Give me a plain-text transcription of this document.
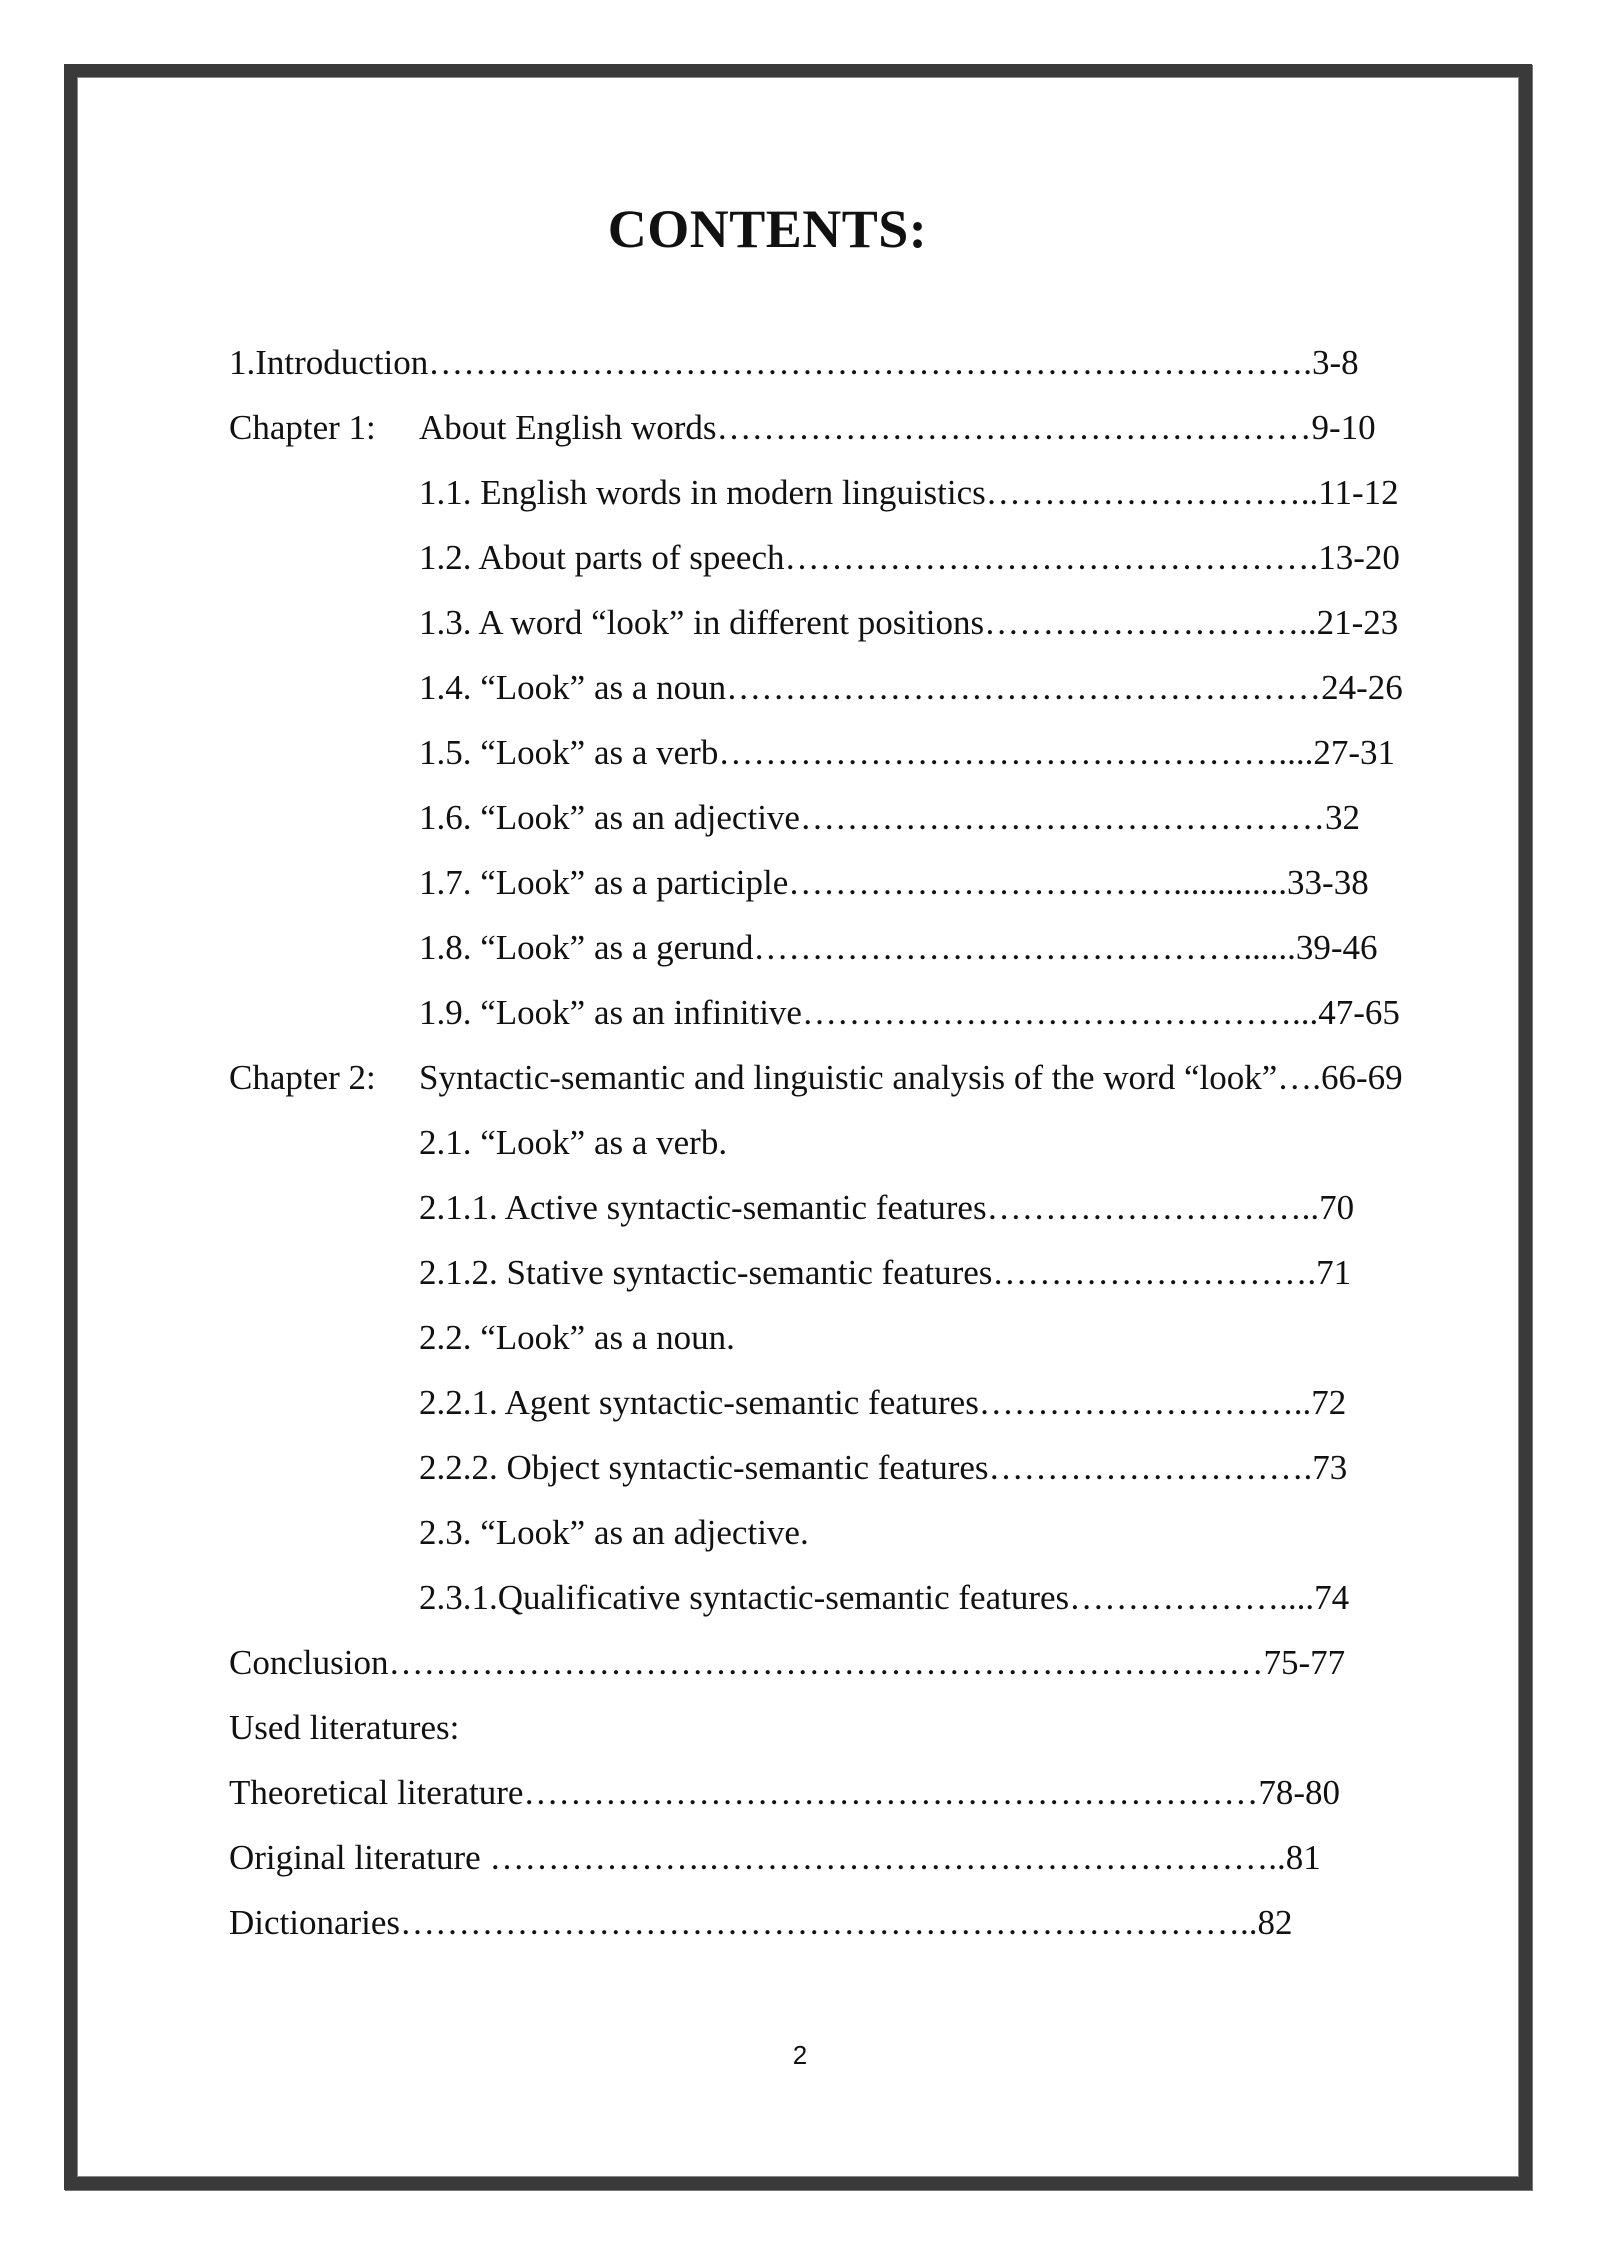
CONTENTS:
1.Introduction………………………………………………………………….3-8
Chapter 1: About English words……………………………………………9-10
1.1. English words in modern linguistics………………………..11-12
1.2. About parts of speech……………………………………….13-20
1.3. A word “look” in different positions………………………..21-23
1.4. “Look” as a noun……………………………………………24-26
1.5. “Look” as a verb…………………………………………....27-31
1.6. “Look” as an adjective………………………………………32
1.7. “Look” as a participle…………………………….............33-38
1.8. “Look” as a gerund……………………………………......39-46
1.9. “Look” as an infinitive……………………………………...47-65
Chapter 2: Syntactic-semantic and linguistic analysis of the word “look”….66-69
2.1. “Look” as a verb.
2.1.1. Active syntactic-semantic features………………………..70
2.1.2. Stative syntactic-semantic features……………………….71
2.2. “Look” as a noun.
2.2.1. Agent syntactic-semantic features………………………..72
2.2.2. Object syntactic-semantic features……………………….73
2.3. “Look” as an adjective.
2.3.1.Qualificative syntactic-semantic features………………....74
Conclusion…………………………………………………………………75-77
Used literatures:
Theoretical literature………………………………………………………78-80
Original literature ……………….…………………………………………..81
Dictionaries………………………………………………………………..82
2
